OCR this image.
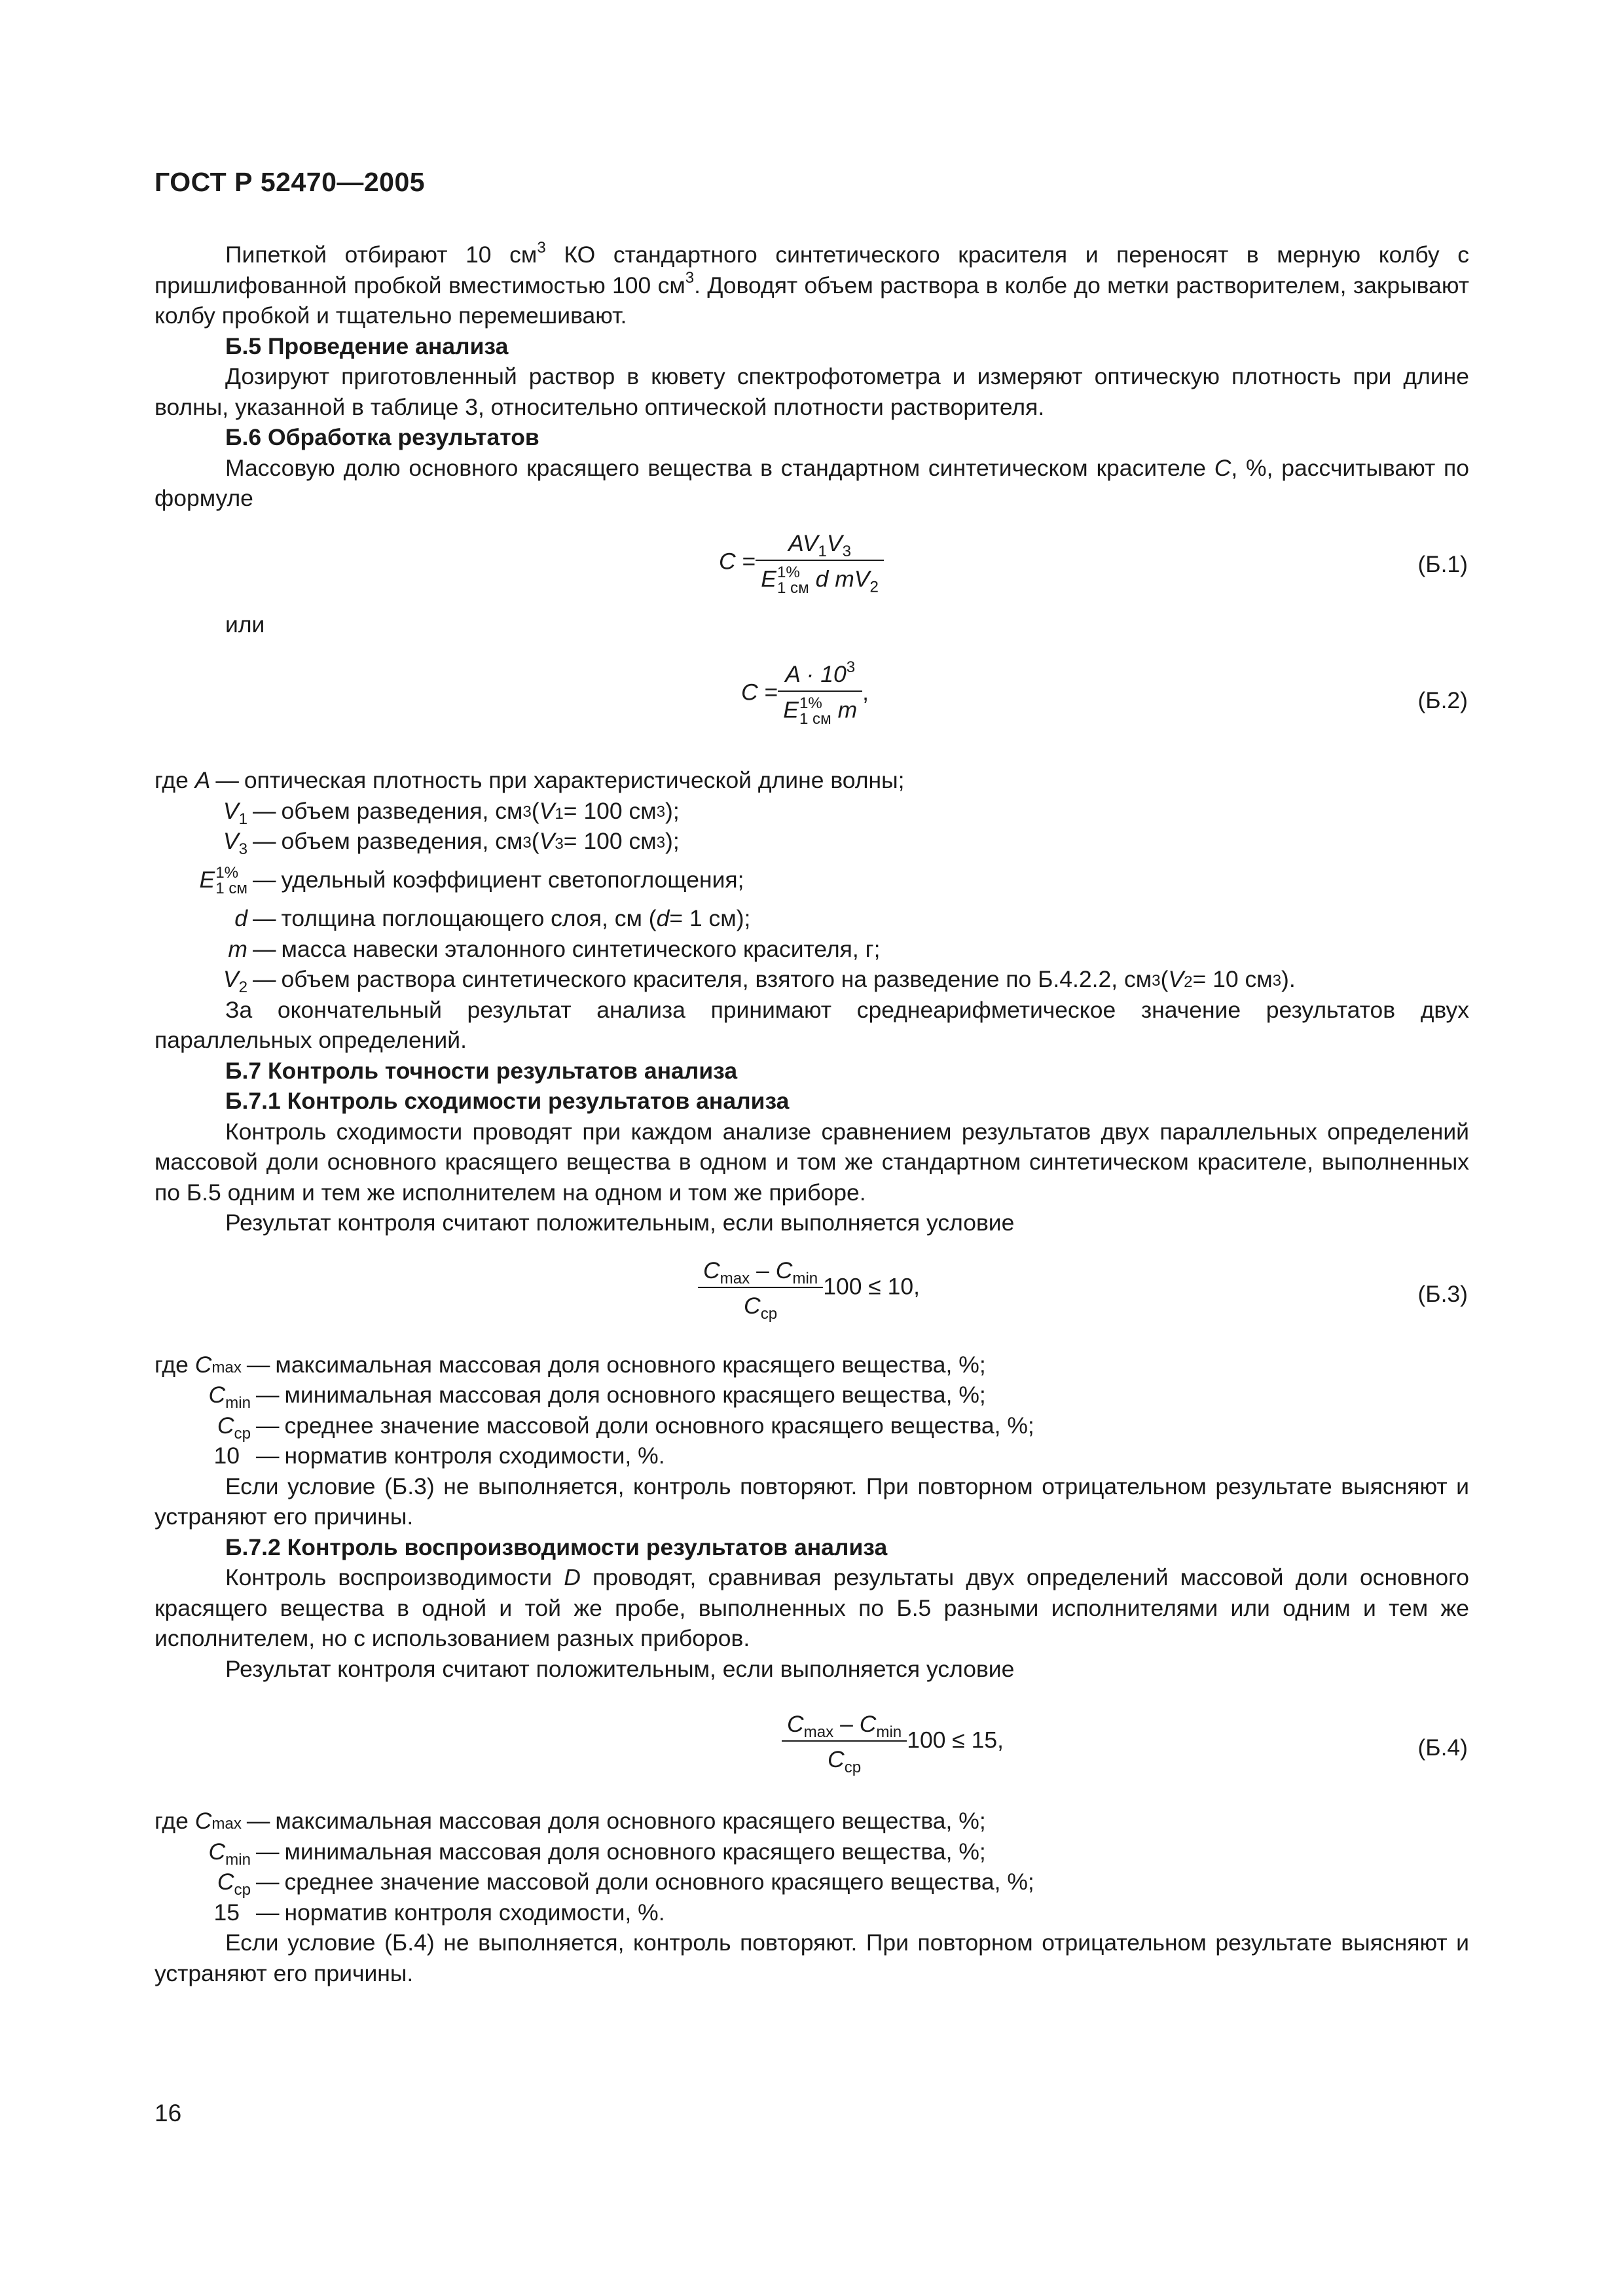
ГОСТ Р 52470—2005

Пипеткой отбирают 10 $см^3$ КО стандартного синтетического красителя и переносят в мерную колбу с пришлифованной пробкой вместимостью 100 $см^3$. Доводят объем раствора в колбе до метки растворителем, закрывают колбу пробкой и тщательно перемешивают.

Б.5 Проведение анализа

Дозируют приготовленный раствор в кювету спектрофотометра и измеряют оптическую плотность при длине волны, указанной в таблице 3, относительно оптической плотности растворителя.

Б.6 Обработка результатов

Массовую долю основного красящего вещества в стандартном синтетическом красителе С, %, рассчитывают по формуле

$С = AV_1V_3$
E 1%
1 см d $mV_2$	(Б.1)

или

$С = A \cdot 10^3$
E 1%
1 см m ,	(Б.2)
где
A — оптическая плотность при характеристической длине волны;
$V_1$ — объем разведения, $см^3$ ( V 1 = 100 $см^3$ );
$V_3$ — объем разведения, $см^3$ ( V 3 = 100 $см^3$ );
E 1%
1 см — удельный коэффициент светопоглощения;
d — толщина поглощающего слоя, см ( d = 1 см);
m — масса навески эталонного синтетического красителя, г;
$V_2$ — объем раствора синтетического красителя, взятого на разведение по Б.4.2.2, $см^3$ ( V 2 = 10 $см^3$ ).

За окончательный результат анализа принимают среднеарифметическое значение результатов двух параллельных определений.

Б.7 Контроль точности результатов анализа

Б.7.1 Контроль сходимости результатов анализа

Контроль сходимости проводят при каждом анализе сравнением результатов двух параллельных определений массовой доли основного красящего вещества в одном и том же стандартном синтетическом красителе, выполненных по Б.5 одним и тем же исполнителем на одном и том же приборе.

Результат контроля считают положительным, если выполняется условие

$\frac{C_{max} - C_{min}}{C_{ср}} 100 \le 10$,	(Б.3)
где
C max — максимальная массовая доля основного красящего вещества, %;
$C_{min}$ — минимальная массовая доля основного красящего вещества, %;
$C_{ср}$ — среднее значение массовой доли основного красящего вещества, %;
10 — норматив контроля сходимости, %.

Если условие (Б.3) не выполняется, контроль повторяют. При повторном отрицательном результате выясняют и устраняют его причины.

Б.7.2 Контроль воспроизводимости результатов анализа

Контроль воспроизводимости D проводят, сравнивая результаты двух определений массовой доли основного красящего вещества в одной и той же пробе, выполненных по Б.5 разными исполнителями или одним и тем же исполнителем, но с использованием разных приборов.

Результат контроля считают положительным, если выполняется условие

$\frac{C_{max} - C_{min}}{C_{ср}} 100 \le 15$,	(Б.4)
где
C max — максимальная массовая доля основного красящего вещества, %;
$C_{min}$ — минимальная массовая доля основного красящего вещества, %;
$C_{ср}$ — среднее значение массовой доли основного красящего вещества, %;
15 — норматив контроля сходимости, %.

Если условие (Б.4) не выполняется, контроль повторяют. При повторном отрицательном результате выясняют и устраняют его причины.

16
